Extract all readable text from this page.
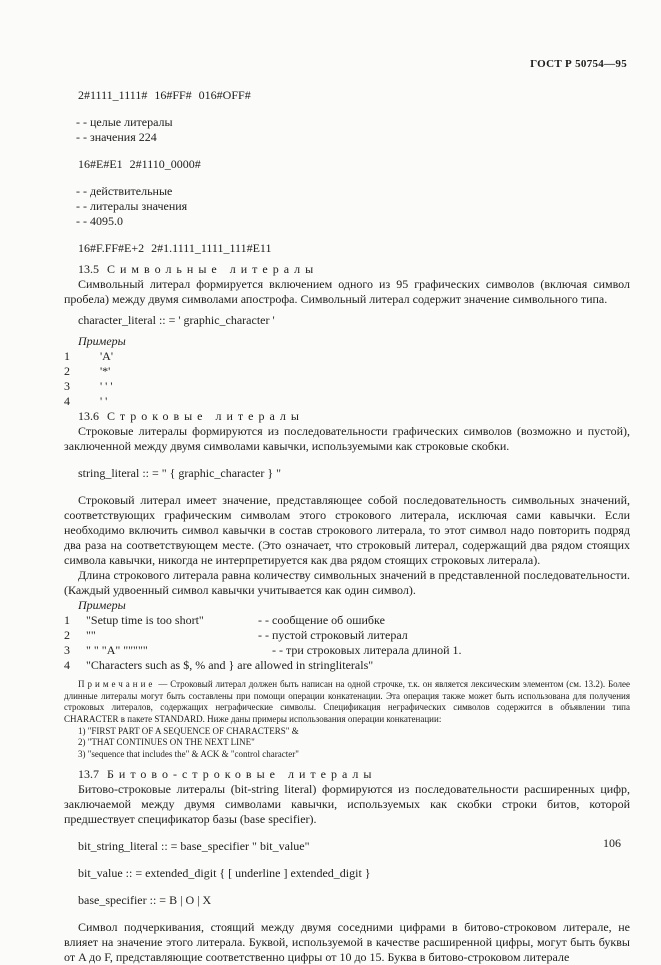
ГОСТ Р 50754—95

2#1111_1111# 16#FF# 016#OFF#

- - целые литералы

- - значения 224

16#E#E1 2#1110_0000#

- - действительные

- - литералы значения

- - 4095.0

16#F.FF#E+2 2#1.1111_1111_111#E11

13.5 Символьные литералы

Символьный литерал формируется включением одного из 95 графических символов (включая символ пробела) между двумя символами апострофа. Символьный литерал содержит значение символьного типа.

character_literal :: = ' graphic_character '

Примеры

1	'A'

2	'*'

3	' ' '

4	' '

13.6 Строковые литералы

Строковые литералы формируются из последовательности графических символов (возможно и пустой), заключенной между двумя символами кавычки, используемыми как строковые скобки.

string_literal :: = " { graphic_character } "

Строковый литерал имеет значение, представляющее собой последовательность символьных значений, соответствующих графическим символам этого строкового литерала, исключая сами кавычки. Если необходимо включить символ кавычки в состав строкового литерала, то этот символ надо повторить подряд два раза на соответствующем месте. (Это означает, что строковый литерал, содержащий два рядом стоящих символа кавычки, никогда не интерпретируется как два рядом стоящих строковых литерала).

Длина строкового литерала равна количеству символьных значений в представленной последовательности. (Каждый удвоенный символ кавычки учитывается как один символ).

Примеры

1 "Setup time is too short"	- - сообщение об ошибке

2 ""	- - пустой строковый литерал

3 " " "A" """""	- - три строковых литерала длиной 1.

4 "Characters such as $, % and } are allowed in stringliterals"

Примечание — Строковый литерал должен быть написан на одной строчке, т.к. он является лексическим элементом (см. 13.2). Более длинные литералы могут быть составлены при помощи операции конкатенации. Эта операция также может быть использована для получения строковых литералов, содержащих неграфические символы. Спецификация неграфических символов содержится в объявлении типа CHARACTER в пакете STANDARD. Ниже даны примеры использования операции конкатенации:

1) "FIRST PART OF A SEQUENCE OF CHARACTERS" &

2) "THAT CONTINUES ON THE NEXT LINE"

3) "sequence that includes the" & ACK & "control character"

13.7 Битово-строковые литералы

Битово-строковые литералы (bit-string literal) формируются из последовательности расширенных цифр, заключаемой между двумя символами кавычки, используемых как скобки строки битов, которой предшествует спецификатор базы (base specifier).

bit_string_literal :: = base_specifier " bit_value"

bit_value :: = extended_digit { [ underline ] extended_digit }

base_specifier :: = B | O | X

Символ подчеркивания, стоящий между двумя соседними цифрами в битово-строковом литерале, не влияет на значение этого литерала. Буквой, используемой в качестве расширенной цифры, могут быть буквы от A до F, представляющие соответственно цифры от 10 до 15. Буква в битово-строковом литерале

106
